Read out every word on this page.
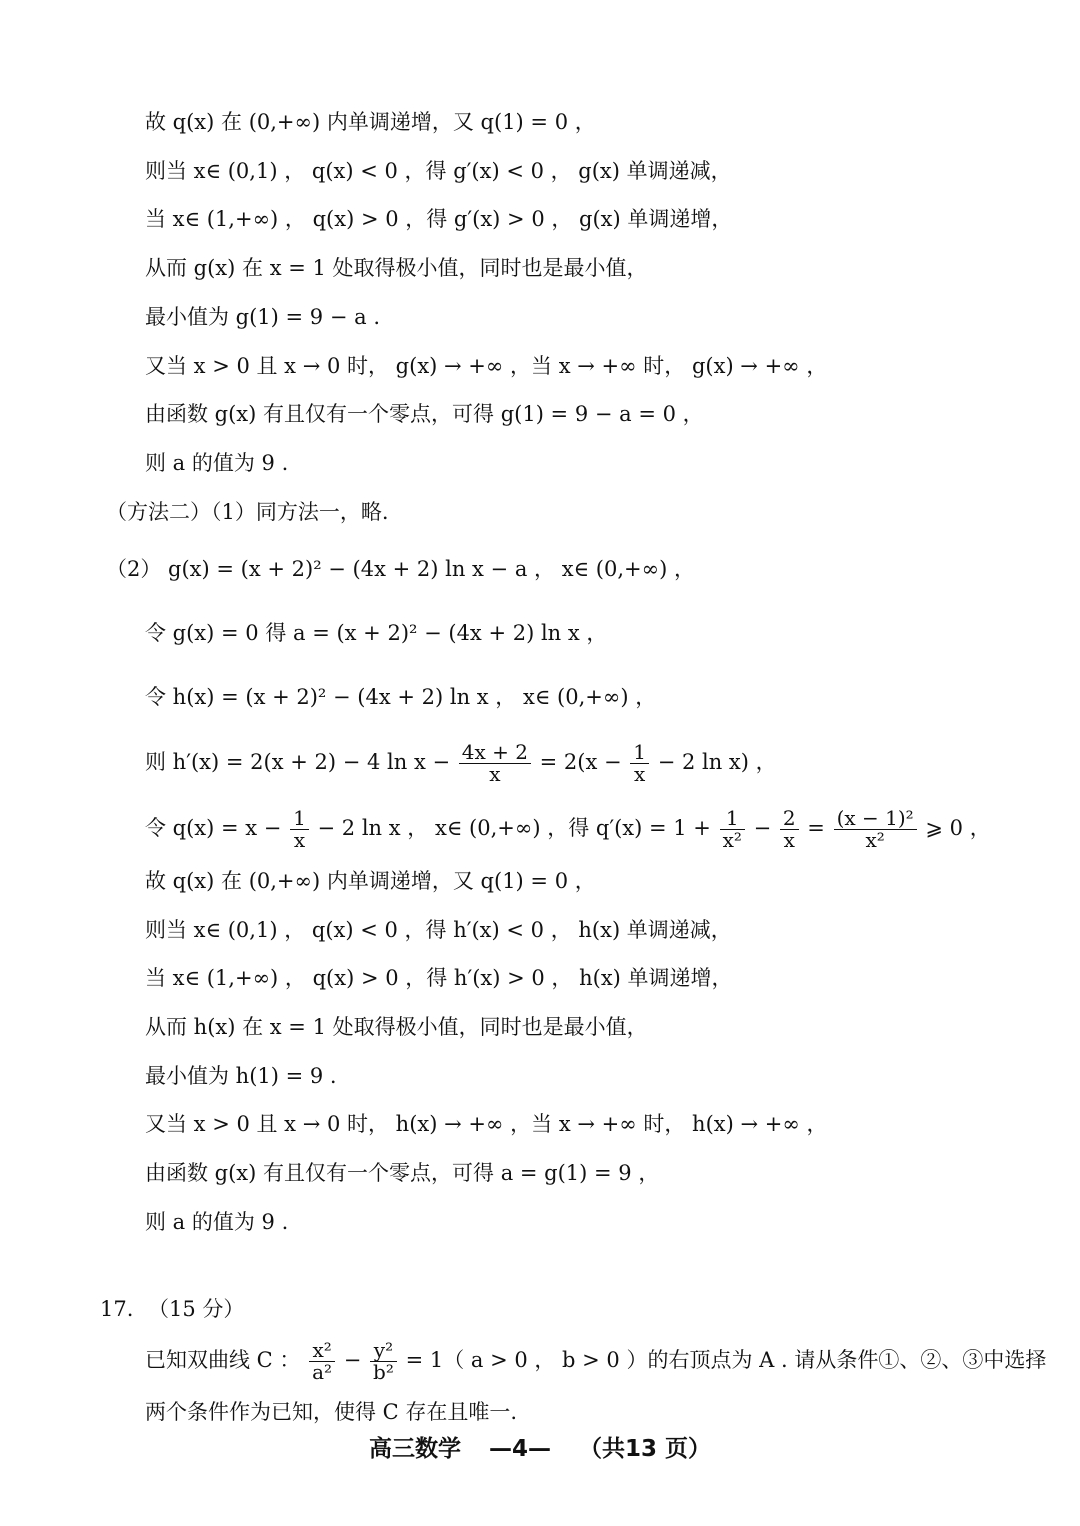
故 q(x) 在 (0,+∞) 内单调递增，又 q(1) = 0 ，
则当 x∈ (0,1) ， q(x) < 0 ，得 g′(x) < 0 ， g(x) 单调递减，
当 x∈ (1,+∞) ， q(x) > 0 ，得 g′(x) > 0 ， g(x) 单调递增，
从而 g(x) 在 x = 1 处取得极小值，同时也是最小值，
最小值为 g(1) = 9 − a .
又当 x > 0 且 x → 0 时， g(x) → +∞ ，当 x → +∞ 时， g(x) → +∞ ，
由函数 g(x) 有且仅有一个零点，可得 g(1) = 9 − a = 0 ，
则 a 的值为 9 .
（方法二）（1）同方法一，略.
（2） g(x) = (x + 2)² − (4x + 2) ln x − a ， x∈ (0,+∞) ，
令 g(x) = 0 得 a = (x + 2)² − (4x + 2) ln x ，
令 h(x) = (x + 2)² − (4x + 2) ln x ， x∈ (0,+∞) ，
则 h′(x) = 2(x + 2) − 4 $\ln x - \frac{4x + 2}{x} = 2(x - \frac{1}{x} - 2$ ln x) ，
令 $q(x) = x - \frac{1}{x} - 2$ ln x ， x∈ (0,+∞) ，得 $q'(x) = 1 + \frac{1}{\text{x²}} - \frac{2}{x} = \frac{\text{(x − 1)²}}{\text{x²}}$ ⩾ 0 ，
故 q(x) 在 (0,+∞) 内单调递增，又 q(1) = 0 ，
则当 x∈ (0,1) ， q(x) < 0 ，得 h′(x) < 0 ， h(x) 单调递减，
当 x∈ (1,+∞) ， q(x) > 0 ，得 h′(x) > 0 ， h(x) 单调递增，
从而 h(x) 在 x = 1 处取得极小值，同时也是最小值，
最小值为 h(1) = 9 .
又当 x > 0 且 x → 0 时， h(x) → +∞ ，当 x → +∞ 时， h(x) → +∞ ，
由函数 g(x) 有且仅有一个零点，可得 a = g(1) = 9 ，
则 a 的值为 9 .
17. （15 分）
已知双曲线 C ： $\frac{\text{x²}}{\text{a²}} - \frac{\text{y²}}{\text{b²}} = 1$（ a > 0 ， b > 0 ）的右顶点为 A . 请从条件①、②、③中选择
两个条件作为已知，使得 C 存在且唯一.
高三数学 —4— （共13 页）
